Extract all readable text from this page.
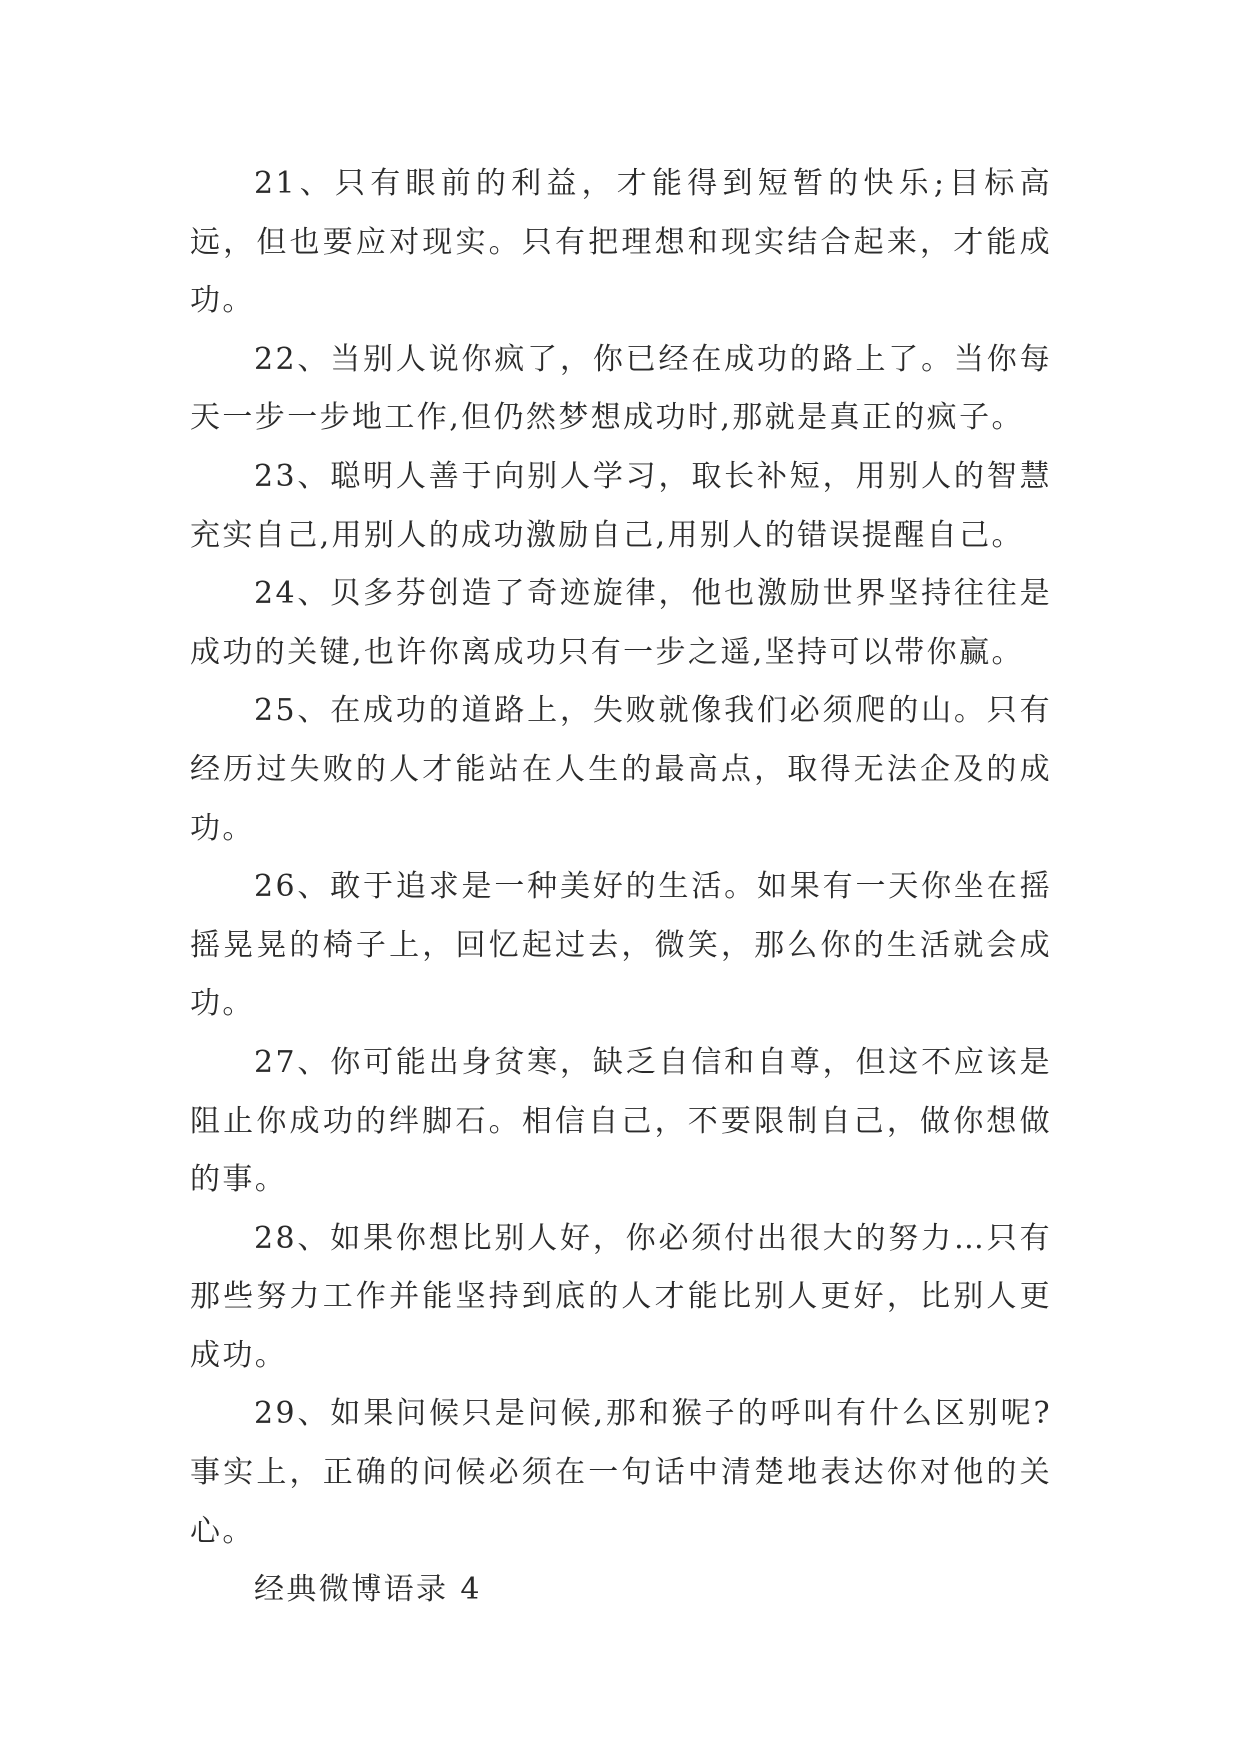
21、只有眼前的利益，才能得到短暂的快乐;目标高远，但也要应对现实。只有把理想和现实结合起来，才能成功。

22、当别人说你疯了，你已经在成功的路上了。当你每天一步一步地工作,但仍然梦想成功时,那就是真正的疯子。

23、聪明人善于向别人学习，取长补短，用别人的智慧充实自己,用别人的成功激励自己,用别人的错误提醒自己。

24、贝多芬创造了奇迹旋律，他也激励世界坚持往往是成功的关键,也许你离成功只有一步之遥,坚持可以带你赢。

25、在成功的道路上，失败就像我们必须爬的山。只有经历过失败的人才能站在人生的最高点，取得无法企及的成功。

26、敢于追求是一种美好的生活。如果有一天你坐在摇摇晃晃的椅子上，回忆起过去，微笑，那么你的生活就会成功。

27、你可能出身贫寒，缺乏自信和自尊，但这不应该是阻止你成功的绊脚石。相信自己，不要限制自己，做你想做的事。

28、如果你想比别人好，你必须付出很大的努力…只有那些努力工作并能坚持到底的人才能比别人更好，比别人更成功。

29、如果问候只是问候,那和猴子的呼叫有什么区别呢?事实上，正确的问候必须在一句话中清楚地表达你对他的关心。

经典微博语录 4
